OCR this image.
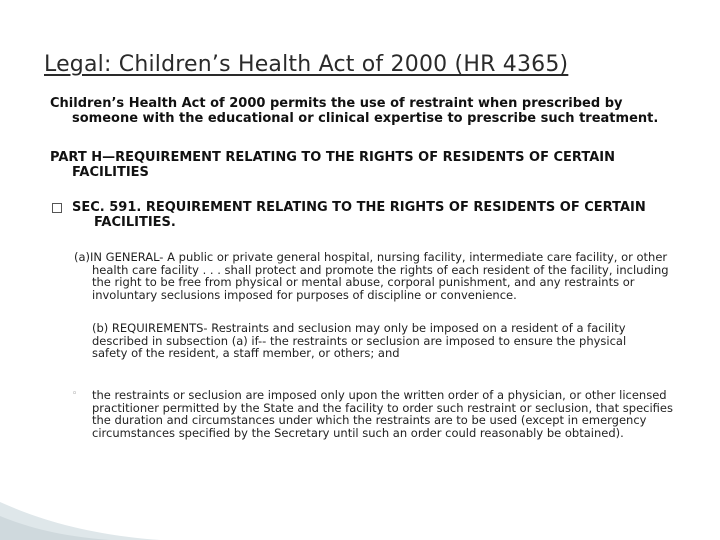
Legal: Children’s Health Act of 2000 (HR 4365)
Children’s Health Act of 2000 permits the use of restraint when prescribed by someone with the educational or clinical expertise to prescribe such treatment.
PART H—REQUIREMENT RELATING TO THE RIGHTS OF RESIDENTS OF CERTAIN FACILITIES
SEC. 591. REQUIREMENT RELATING TO THE RIGHTS OF RESIDENTS OF CERTAIN FACILITIES.
(a)IN GENERAL- A public or private general hospital, nursing facility, intermediate care facility, or other health care facility . . . shall protect and promote the rights of each resident of the facility, including the right to be free from physical or mental abuse, corporal punishment, and any restraints or involuntary seclusions imposed for purposes of discipline or convenience.
(b) REQUIREMENTS- Restraints and seclusion may only be imposed on a resident of a facility described in subsection (a) if-- the restraints or seclusion are imposed to ensure the physical safety of the resident, a staff member, or others; and
◦ the restraints or seclusion are imposed only upon the written order of a physician, or other licensed practitioner permitted by the State and the facility to order such restraint or seclusion, that specifies the duration and circumstances under which the restraints are to be used (except in emergency circumstances specified by the Secretary until such an order could reasonably be obtained).
